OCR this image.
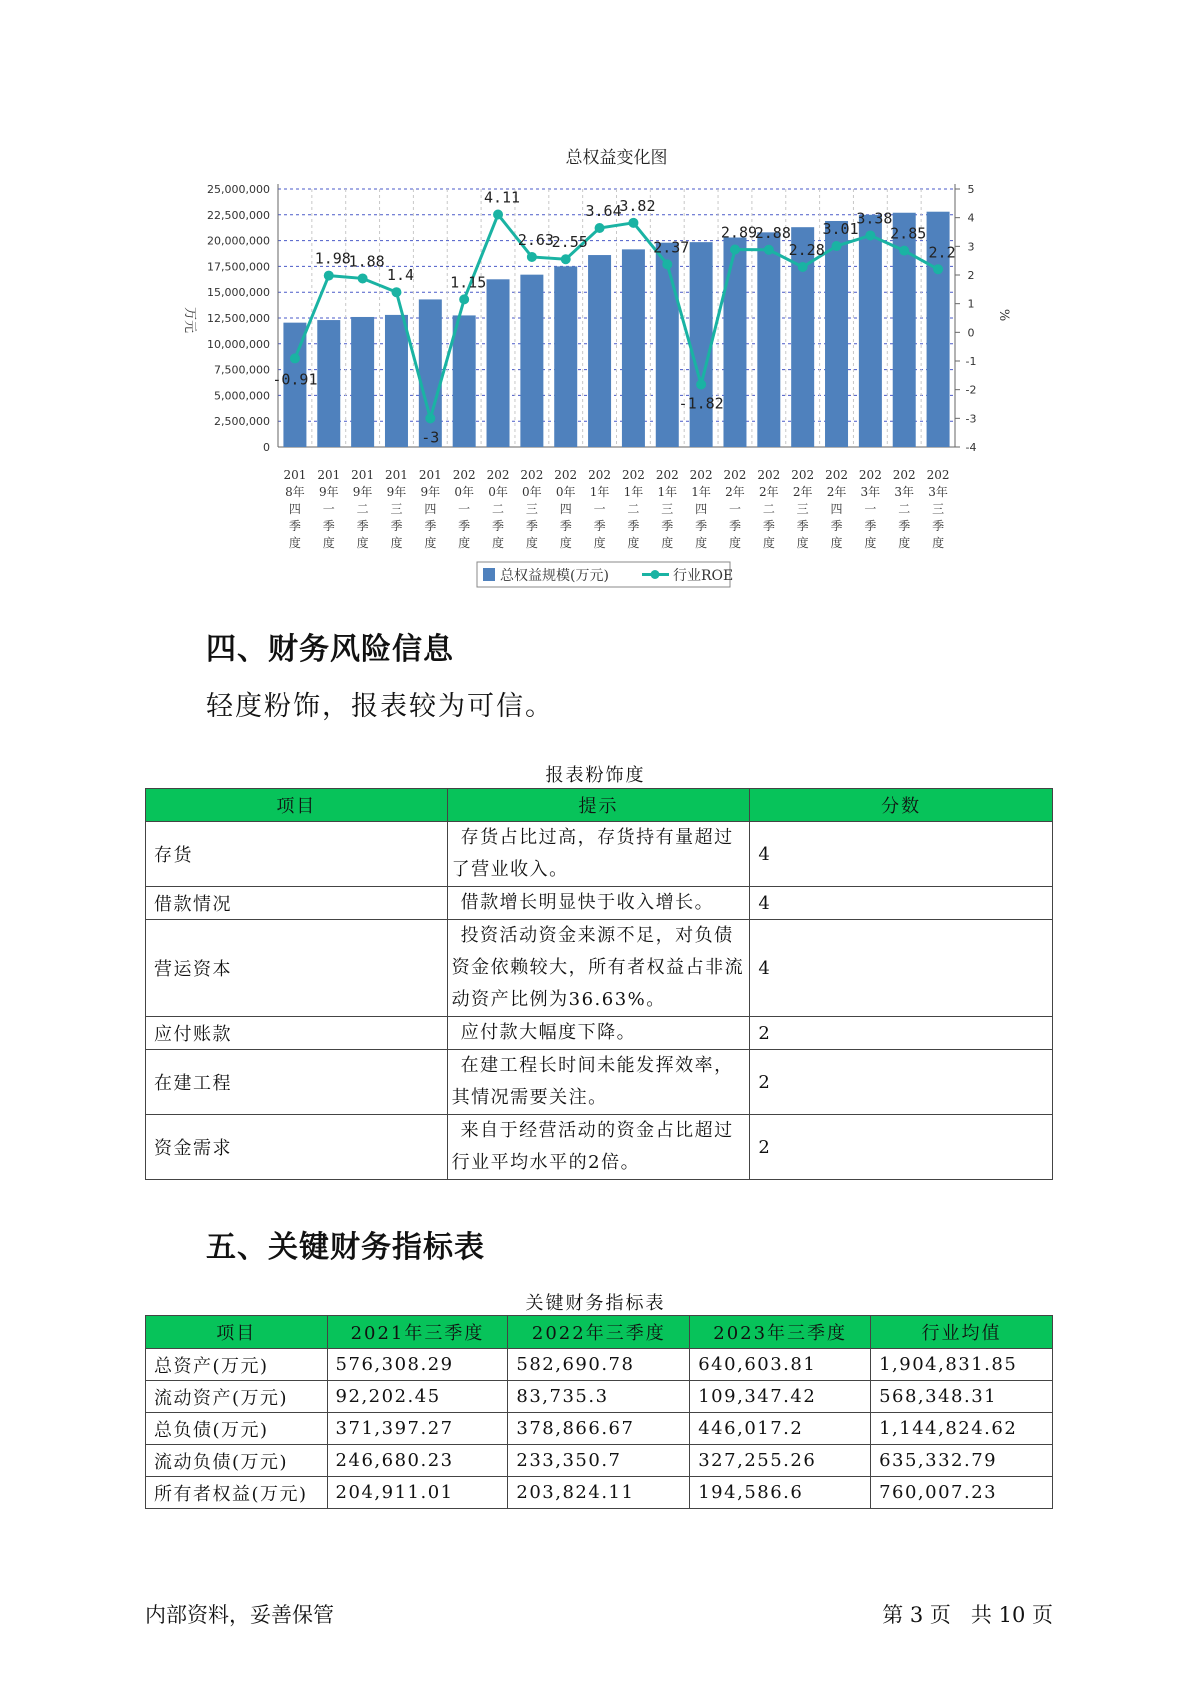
总权益变化图
0
2,500,000
5,000,000
7,500,000
10,000,000
12,500,000
15,000,000
17,500,000
20,000,000
22,500,000
25,000,000
-4
-3
-2
-1
0
1
2
3
4
5
万元	%
-0.91
1.98
1.88
1.4
-3
1.15
4.11
2.63
2.55
3.64
3.82
2.37
-1.82
2.89
2.88
2.28
3.01
3.38
2.85
2.2
201
8年
四
季
度
201
9年
一
季
度
201
9年
二
季
度
201
9年
三
季
度
201
9年
四
季
度
202
0年
一
季
度
202
0年
二
季
度
202
0年
三
季
度
202
0年
四
季
度
202
1年
一
季
度
202
1年
二
季
度
202
1年
三
季
度
202
1年
四
季
度
202
2年
一
季
度
202
2年
二
季
度
202
2年
三
季
度
202
2年
四
季
度
202
3年
一
季
度
202
3年
二
季
度
202
3年
三
季
度
总权益规模(万元)	行业ROE
四、财务风险信息

轻度粉饰，报表较为可信。

报表粉饰度
项目	提示	分数
存货	存货占比过高，存货持有量超过
了营业收入。	4
借款情况	借款增长明显快于收入增长。	4
营运资本	投资活动资金来源不足，对负债
资金依赖较大，所有者权益占非流
动资产比例为36.63%。	4
应付账款	应付款大幅度下降。	2
在建工程	在建工程长时间未能发挥效率，
其情况需要关注。	2
资金需求	来自于经营活动的资金占比超过
行业平均水平的2倍。	2
五、关键财务指标表
关键财务指标表
项目	2021年三季度	2022年三季度	2023年三季度	行业均值
总资产(万元)	576,308.29	582,690.78	640,603.81	1,904,831.85
流动资产(万元)	92,202.45	83,735.3	109,347.42	568,348.31
总负债(万元)	371,397.27	378,866.67	446,017.2	1,144,824.62
流动负债(万元)	246,680.23	233,350.7	327,255.26	635,332.79
所有者权益(万元)	204,911.01	203,824.11	194,586.6	760,007.23
内部资料，妥善保管	第 3 页   共 10 页
